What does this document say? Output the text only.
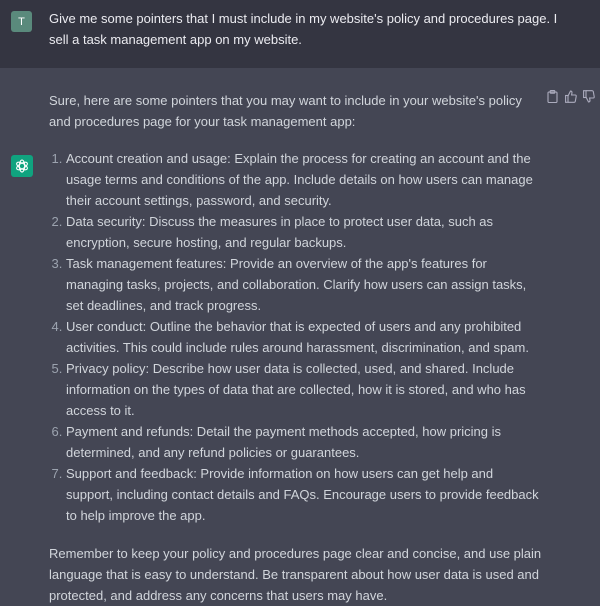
T	Give me some pointers that I must include in my website's policy and procedures page. I sell a task management app on my website.

Sure, here are some pointers that you may want to include in your website's policy and procedures page for your task management app:

1. Account creation and usage: Explain the process for creating an account and the usage terms and conditions of the app. Include details on how users can manage their account settings, password, and security.
2. Data security: Discuss the measures in place to protect user data, such as encryption, secure hosting, and regular backups.
3. Task management features: Provide an overview of the app's features for managing tasks, projects, and collaboration. Clarify how users can assign tasks, set deadlines, and track progress.
4. User conduct: Outline the behavior that is expected of users and any prohibited activities. This could include rules around harassment, discrimination, and spam.
5. Privacy policy: Describe how user data is collected, used, and shared. Include information on the types of data that are collected, how it is stored, and who has access to it.
6. Payment and refunds: Detail the payment methods accepted, how pricing is determined, and any refund policies or guarantees.
7. Support and feedback: Provide information on how users can get help and support, including contact details and FAQs. Encourage users to provide feedback to help improve the app.

Remember to keep your policy and procedures page clear and concise, and use plain language that is easy to understand. Be transparent about how user data is used and protected, and address any concerns that users may have.
